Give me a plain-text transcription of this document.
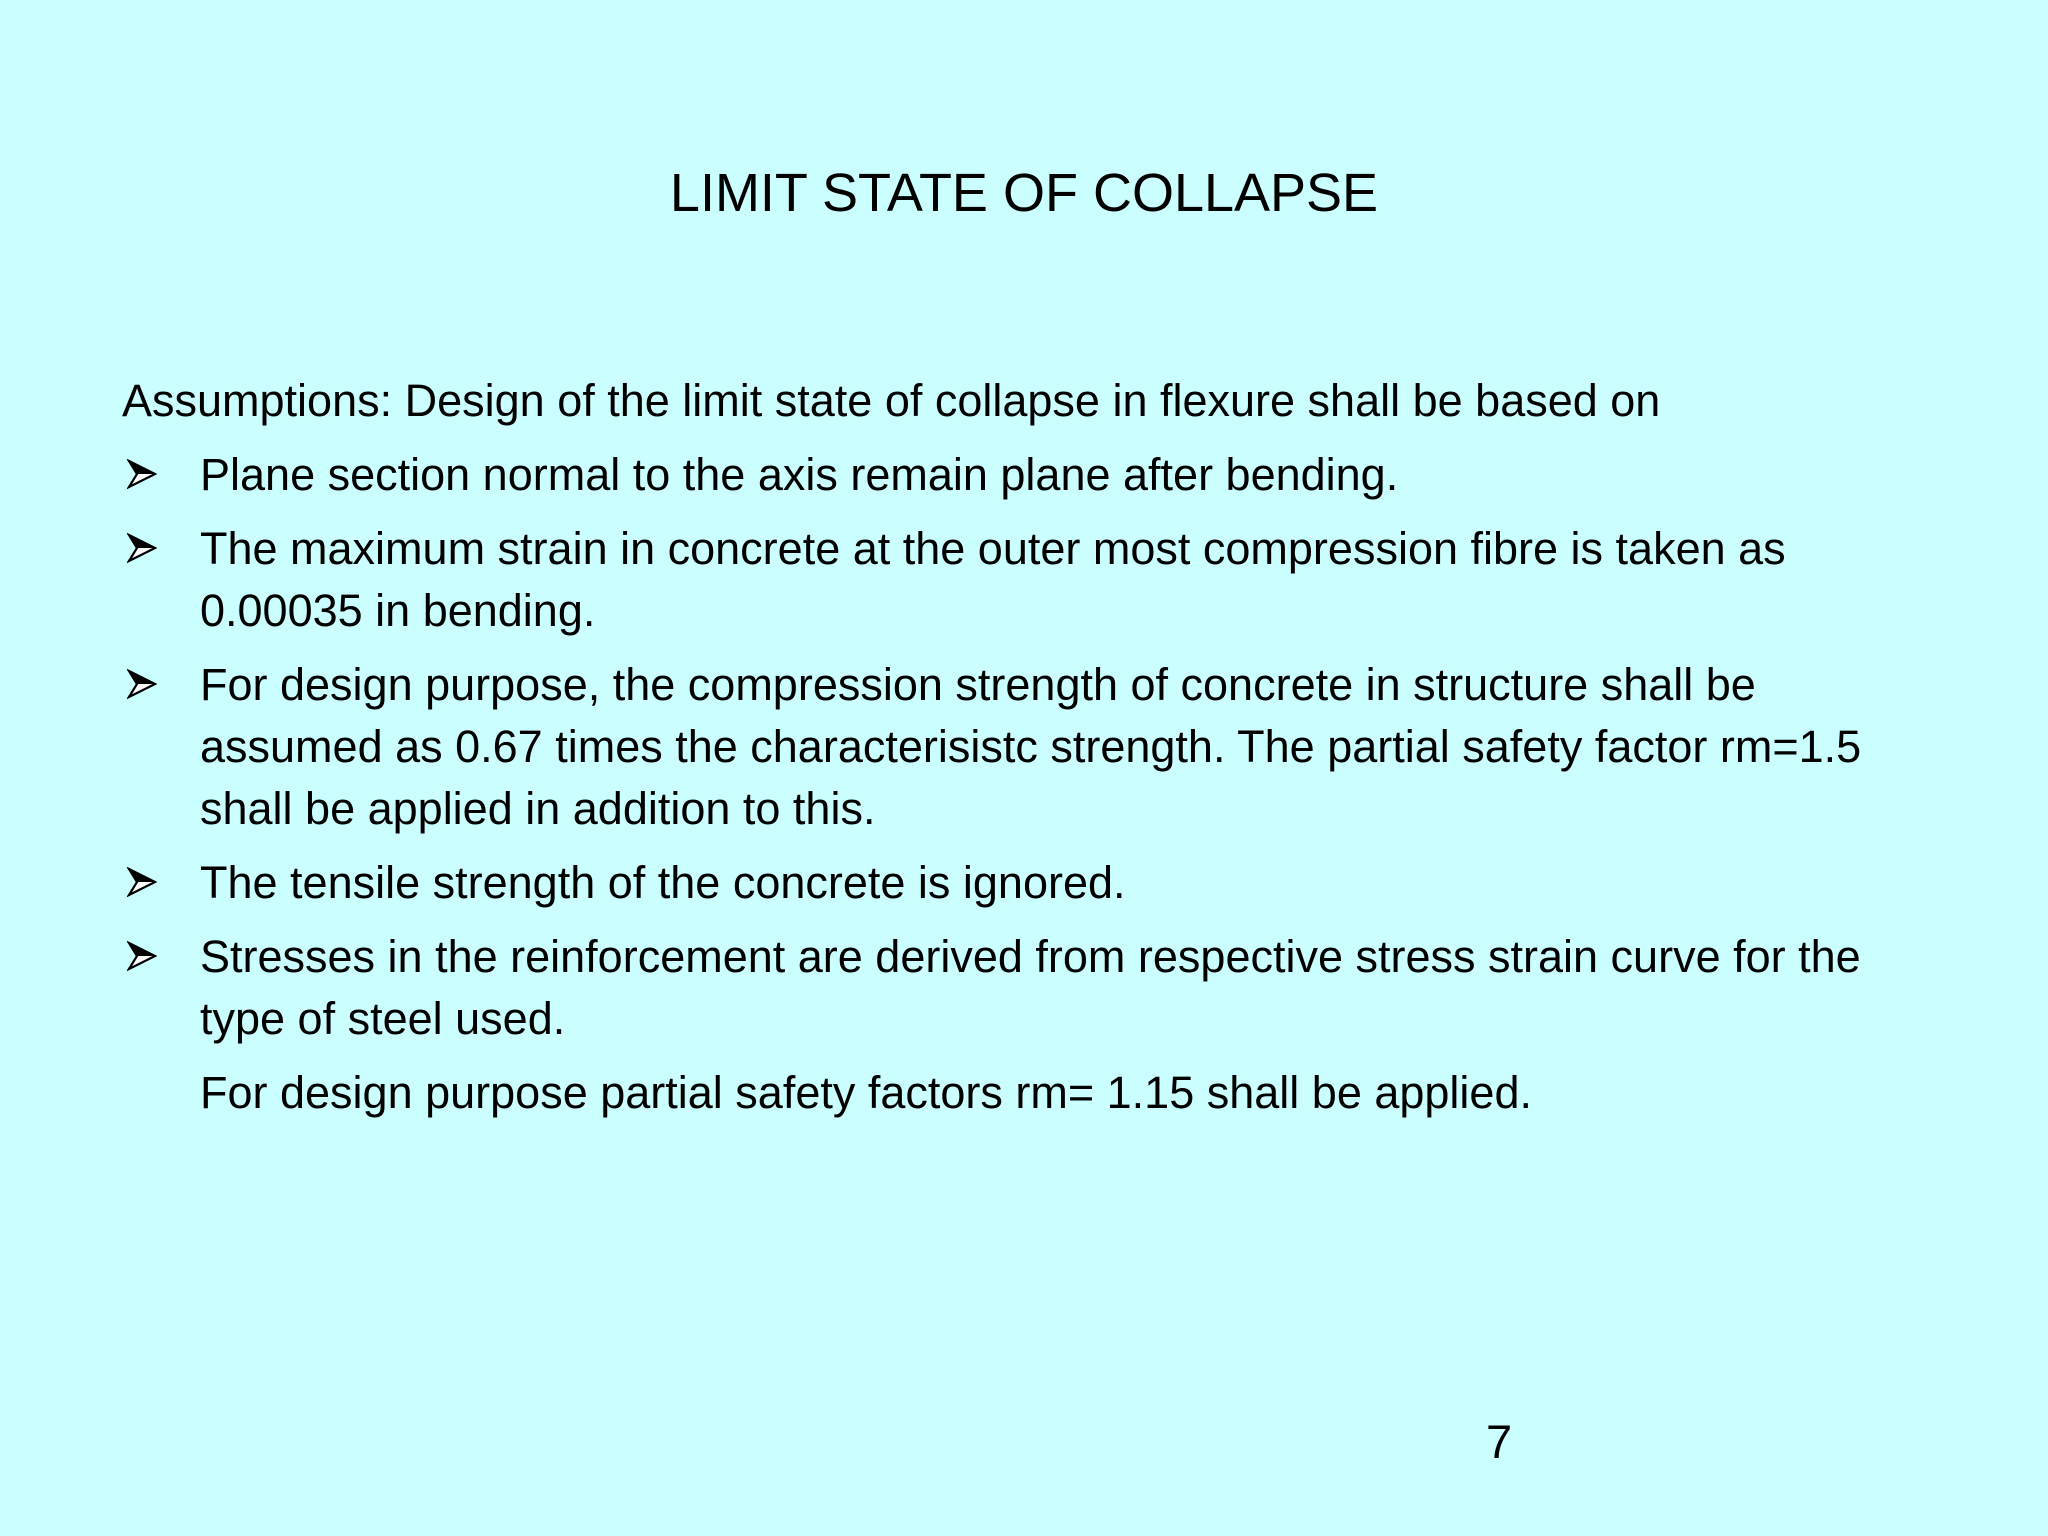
LIMIT STATE OF COLLAPSE

Assumptions: Design of the limit state of collapse in flexure shall be based on

Plane section normal to the axis remain plane after bending.
The maximum strain in concrete at the outer most compression fibre is taken as 0.00035 in bending.
For design purpose, the compression strength of concrete in structure shall be assumed as 0.67 times the characterisistc strength. The partial safety factor rm=1.5 shall be applied in addition to this.
The tensile strength of the concrete is ignored.
Stresses in the reinforcement are derived from respective stress strain curve for the type of steel used.

For design purpose partial safety factors rm= 1.15 shall be applied.

7
